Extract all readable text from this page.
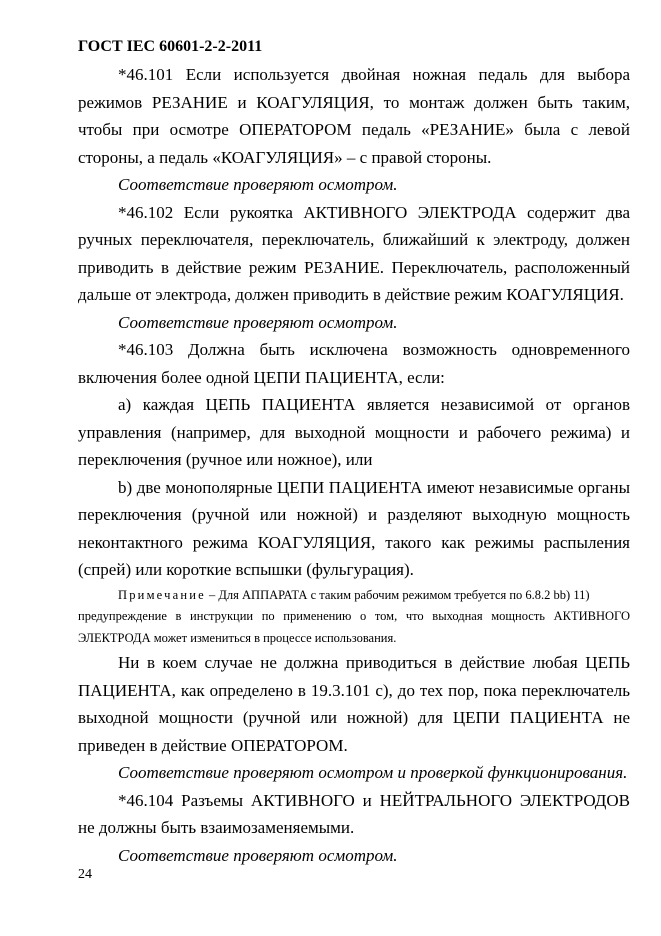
ГОСТ IEC 60601-2-2-2011

*46.101 Если используется двойная ножная педаль для выбора режимов РЕЗАНИЕ и КОАГУЛЯЦИЯ, то монтаж должен быть таким, чтобы при осмотре ОПЕРАТОРОМ педаль «РЕЗАНИЕ» была с левой стороны, а педаль «КОАГУЛЯЦИЯ» – с правой стороны.

Соответствие проверяют осмотром.

*46.102 Если рукоятка АКТИВНОГО ЭЛЕКТРОДА содержит два ручных переключателя, переключатель, ближайший к электроду, должен приводить в действие режим РЕЗАНИЕ. Переключатель, расположенный дальше от электрода, должен приводить в действие режим КОАГУЛЯЦИЯ.

Соответствие проверяют осмотром.

*46.103 Должна быть исключена возможность одновременного включения более одной ЦЕПИ ПАЦИЕНТА, если:

a) каждая ЦЕПЬ ПАЦИЕНТА является независимой от органов управления (например, для выходной мощности и рабочего режима) и переключения (ручное или ножное), или

b) две монополярные ЦЕПИ ПАЦИЕНТА имеют независимые органы переключения (ручной или ножной) и разделяют выходную мощность неконтактного режима КОАГУЛЯЦИЯ, такого как режимы распыления (спрей) или короткие вспышки (фульгурация).

Примечание – Для АППАРАТА с таким рабочим режимом требуется по 6.8.2 bb) 11)

предупреждение в инструкции по применению о том, что выходная мощность АКТИВНОГО ЭЛЕКТРОДА может измениться в процессе использования.

Ни в коем случае не должна приводиться в действие любая ЦЕПЬ ПАЦИЕНТА, как определено в 19.3.101 c), до тех пор, пока переключатель выходной мощности (ручной или ножной) для ЦЕПИ ПАЦИЕНТА не приведен в действие ОПЕРАТОРОМ.

Соответствие проверяют осмотром и проверкой функционирования.

*46.104 Разъемы АКТИВНОГО и НЕЙТРАЛЬНОГО ЭЛЕКТРОДОВ не должны быть взаимозаменяемыми.

Соответствие проверяют осмотром.

24
